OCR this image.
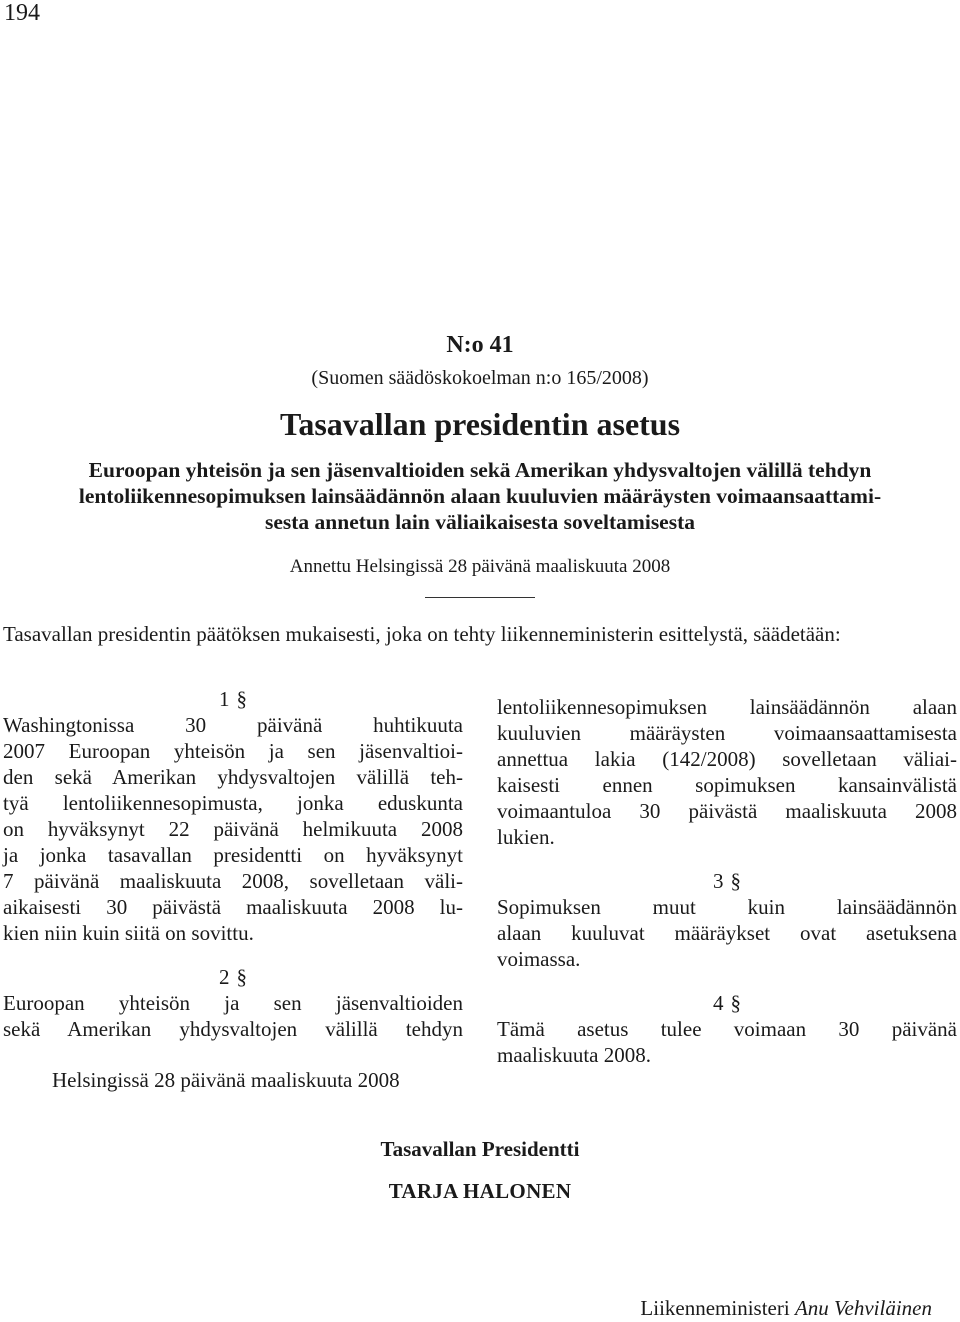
194
N:o 41
(Suomen säädöskokoelman n:o 165/2008)
Tasavallan presidentin asetus
Euroopan yhteisön ja sen jäsenvaltioiden sekä Amerikan yhdysvaltojen välillä tehdyn
lentoliikennesopimuksen lainsäädännön alaan kuuluvien määräysten voimaansaattami-
sesta annetun lain väliaikaisesta soveltamisesta
Annettu Helsingissä 28 päivänä maaliskuuta 2008
Tasavallan presidentin päätöksen mukaisesti, joka on tehty liikenneministerin esittelystä, säädetään:
1 §
Washingtonissa 30 päivänä huhtikuuta
2007 Euroopan yhteisön ja sen jäsenvaltioi-
den sekä Amerikan yhdysvaltojen välillä teh-
tyä lentoliikennesopimusta, jonka eduskunta
on hyväksynyt 22 päivänä helmikuuta 2008
ja jonka tasavallan presidentti on hyväksynyt
7 päivänä maaliskuuta 2008, sovelletaan väli-
aikaisesti 30 päivästä maaliskuuta 2008 lu-
kien niin kuin siitä on sovittu.
2 §
Euroopan yhteisön ja sen jäsenvaltioiden
sekä Amerikan yhdysvaltojen välillä tehdyn
lentoliikennesopimuksen lainsäädännön alaan
kuuluvien määräysten voimaansaattamisesta
annettua lakia (142/2008) sovelletaan väliai-
kaisesti ennen sopimuksen kansainvälistä
voimaantuloa 30 päivästä maaliskuuta 2008
lukien.
3 §
Sopimuksen muut kuin lainsäädännön
alaan kuuluvat määräykset ovat asetuksena
voimassa.
4 §
Tämä asetus tulee voimaan 30 päivänä
maaliskuuta 2008.
Helsingissä 28 päivänä maaliskuuta 2008
Tasavallan Presidentti
TARJA HALONEN
Liikenneministeri Anu Vehviläinen
